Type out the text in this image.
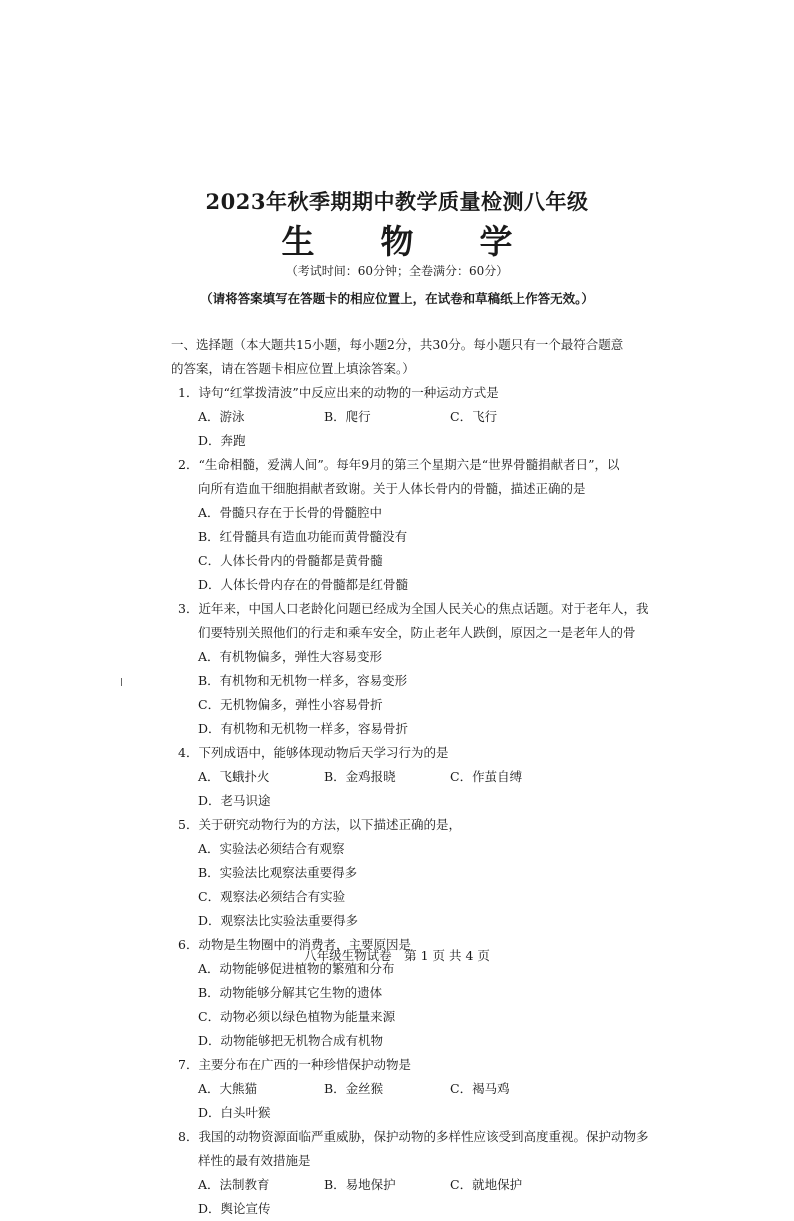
2023年秋季期期中教学质量检测八年级
生　　物　　学
（考试时间：60分钟；全卷满分：60分）
（请将答案填写在答题卡的相应位置上，在试卷和草稿纸上作答无效。）
一、选择题（本大题共15小题，每小题2分，共30分。每小题只有一个最符合题意
的答案，请在答题卡相应位置上填涂答案。）
1．诗句“红掌拨清波”中反应出来的动物的一种运动方式是
A．游泳	B．爬行	C．飞行
D．奔跑
2．“生命相髓，爱满人间”。每年9月的第三个星期六是“世界骨髓捐献者日”，以
向所有造血干细胞捐献者致谢。关于人体长骨内的骨髓，描述正确的是
A．骨髓只存在于长骨的骨髓腔中
B．红骨髓具有造血功能而黄骨髓没有
C．人体长骨内的骨髓都是黄骨髓
D．人体长骨内存在的骨髓都是红骨髓
3．近年来，中国人口老龄化问题已经成为全国人民关心的焦点话题。对于老年人，我
们要特别关照他们的行走和乘车安全，防止老年人跌倒，原因之一是老年人的骨
A．有机物偏多，弹性大容易变形
B．有机物和无机物一样多，容易变形
C．无机物偏多，弹性小容易骨折
D．有机物和无机物一样多，容易骨折
4．下列成语中，能够体现动物后天学习行为的是
A．飞蛾扑火	B．金鸡报晓	C．作茧自缚
D．老马识途
5．关于研究动物行为的方法，以下描述正确的是，
A．实验法必须结合有观察
B．实验法比观察法重要得多
C．观察法必须结合有实验
D．观察法比实验法重要得多
6．动物是生物圈中的消费者，主要原因是
A．动物能够促进植物的繁殖和分布
B．动物能够分解其它生物的遗体
C．动物必须以绿色植物为能量来源
D．动物能够把无机物合成有机物
7．主要分布在广西的一种珍惜保护动物是
A．大熊猫	B．金丝猴	C．褐马鸡
D．白头叶猴
8．我国的动物资源面临严重威胁，保护动物的多样性应该受到高度重视。保护动物多
样性的最有效措施是
A．法制教育	B．易地保护	C．就地保护
D．舆论宣传
八年级生物试卷　第 1 页 共 4 页
